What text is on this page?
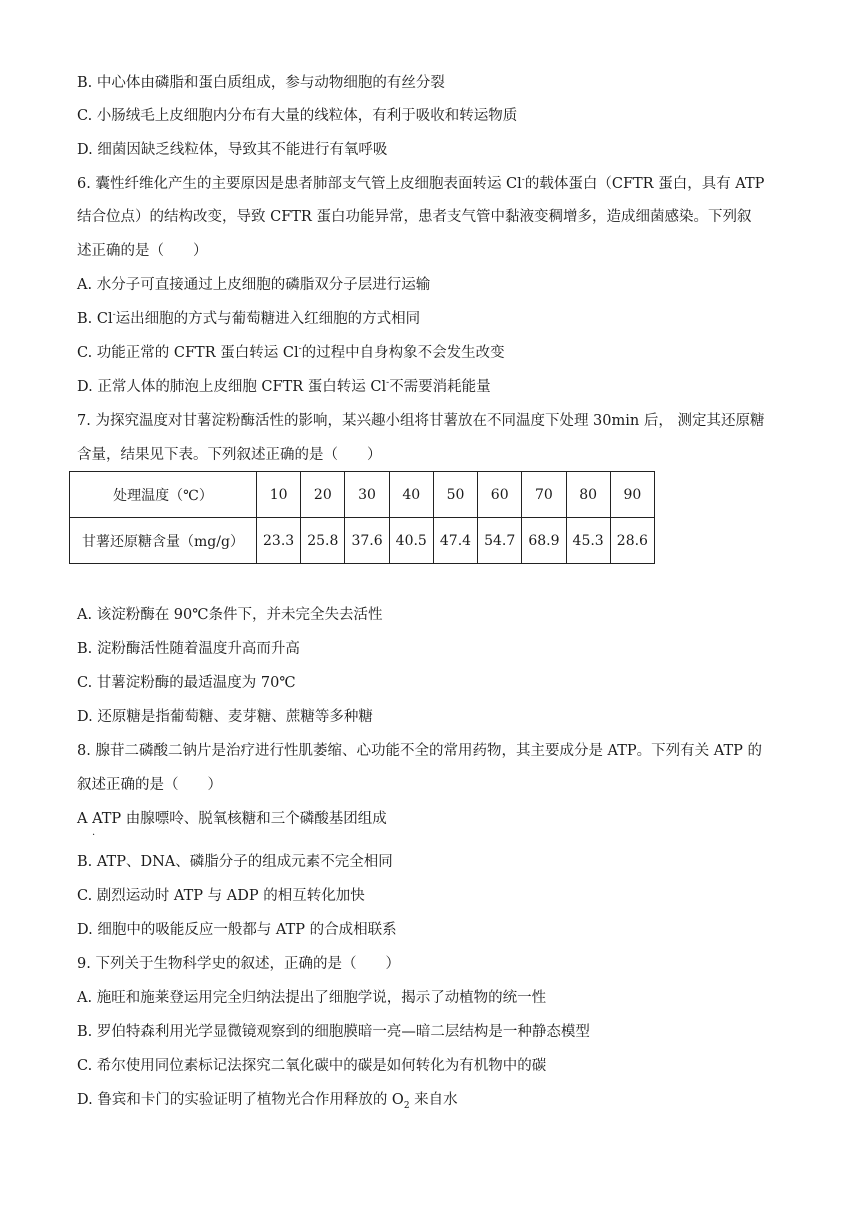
B. 中心体由磷脂和蛋白质组成，参与动物细胞的有丝分裂

C. 小肠绒毛上皮细胞内分布有大量的线粒体，有利于吸收和转运物质

D. 细菌因缺乏线粒体，导致其不能进行有氧呼吸

6. 囊性纤维化产生的主要原因是患者肺部支气管上皮细胞表面转运 Cl-的载体蛋白（CFTR 蛋白，具有 ATP

结合位点）的结构改变，导致 CFTR 蛋白功能异常，患者支气管中黏液变稠增多，造成细菌感染。下列叙

述正确的是（　　）

A. 水分子可直接通过上皮细胞的磷脂双分子层进行运输

B. Cl-运出细胞的方式与葡萄糖进入红细胞的方式相同

C. 功能正常的 CFTR 蛋白转运 Cl-的过程中自身构象不会发生改变

D. 正常人体的肺泡上皮细胞 CFTR 蛋白转运 Cl-不需要消耗能量

7. 为探究温度对甘薯淀粉酶活性的影响，某兴趣小组将甘薯放在不同温度下处理 30min 后， 测定其还原糖

含量，结果见下表。下列叙述正确的是（　　）

处理温度（℃）	10	20	30	40	50	60	70	80	90
甘薯还原糖含量（mg/g）	23.3	25.8	37.6	40.5	47.4	54.7	68.9	45.3	28.6

A. 该淀粉酶在 90℃条件下，并未完全失去活性

B. 淀粉酶活性随着温度升高而升高

C. 甘薯淀粉酶的最适温度为 70℃

D. 还原糖是指葡萄糖、麦芽糖、蔗糖等多种糖

8. 腺苷二磷酸二钠片是治疗进行性肌萎缩、心功能不全的常用药物，其主要成分是 ATP。下列有关 ATP 的

叙述正确的是（　　）

A ATP 由腺嘌呤、脱氧核糖和三个磷酸基团组成

.

B. ATP、DNA、磷脂分子的组成元素不完全相同

C. 剧烈运动时 ATP 与 ADP 的相互转化加快

D. 细胞中的吸能反应一般都与 ATP 的合成相联系

9. 下列关于生物科学史的叙述，正确的是（　　）

A. 施旺和施莱登运用完全归纳法提出了细胞学说，揭示了动植物的统一性

B. 罗伯特森利用光学显微镜观察到的细胞膜暗一亮—暗二层结构是一种静态模型

C. 希尔使用同位素标记法探究二氧化碳中的碳是如何转化为有机物中的碳

D. 鲁宾和卡门的实验证明了植物光合作用释放的 $O_2$ 来自水
